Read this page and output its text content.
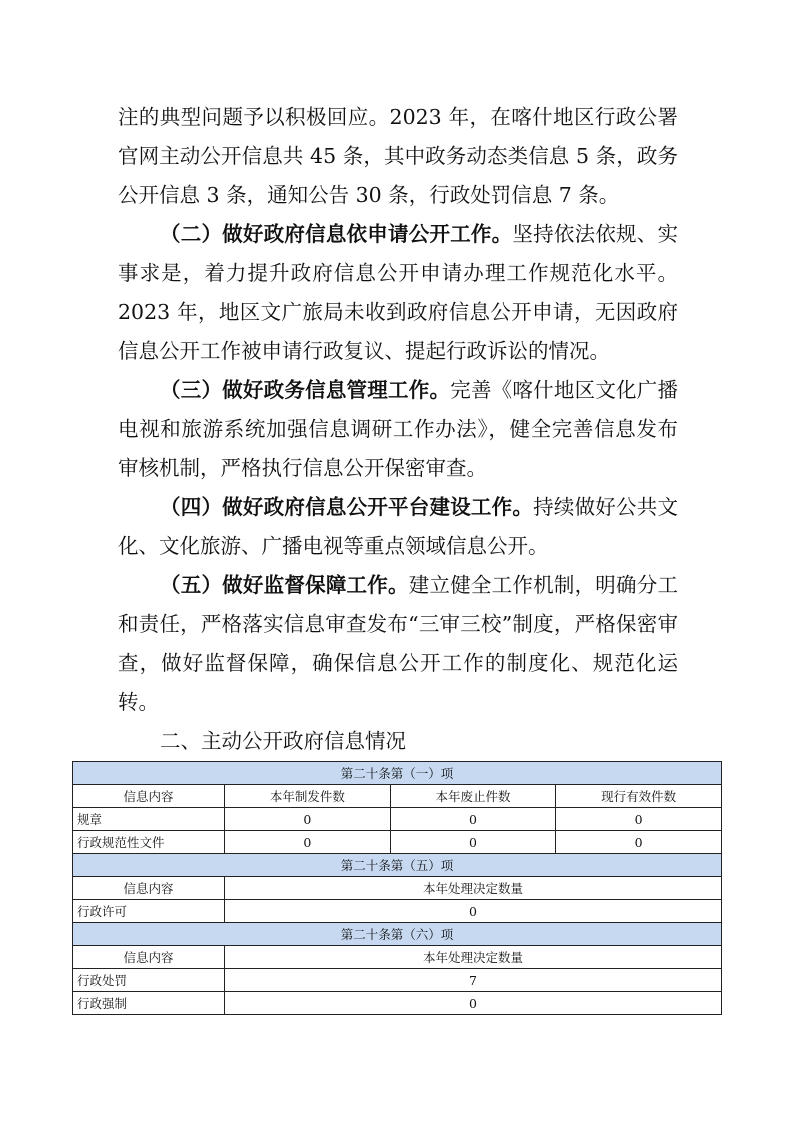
注的典型问题予以积极回应。2023 年，在喀什地区行政公署官网主动公开信息共 45 条，其中政务动态类信息 5 条，政务公开信息 3 条，通知公告 30 条，行政处罚信息 7 条。

（二）做好政府信息依申请公开工作。坚持依法依规、实事求是，着力提升政府信息公开申请办理工作规范化水平。2023 年，地区文广旅局未收到政府信息公开申请，无因政府信息公开工作被申请行政复议、提起行政诉讼的情况。

（三）做好政务信息管理工作。完善《喀什地区文化广播电视和旅游系统加强信息调研工作办法》，健全完善信息发布审核机制，严格执行信息公开保密审查。

（四）做好政府信息公开平台建设工作。持续做好公共文化、文化旅游、广播电视等重点领域信息公开。

（五）做好监督保障工作。建立健全工作机制，明确分工和责任，严格落实信息审查发布“三审三校”制度，严格保密审查，做好监督保障，确保信息公开工作的制度化、规范化运转。

二、主动公开政府信息情况
第二十条第（一）项			
信息内容	本年制发件数	本年废止件数	现行有效件数
规章	0	0	0
行政规范性文件	0	0	0
第二十条第（五）项			
信息内容	本年处理决定数量		
行政许可	0		
第二十条第（六）项			
信息内容	本年处理决定数量		
行政处罚	7		
行政强制	0		
